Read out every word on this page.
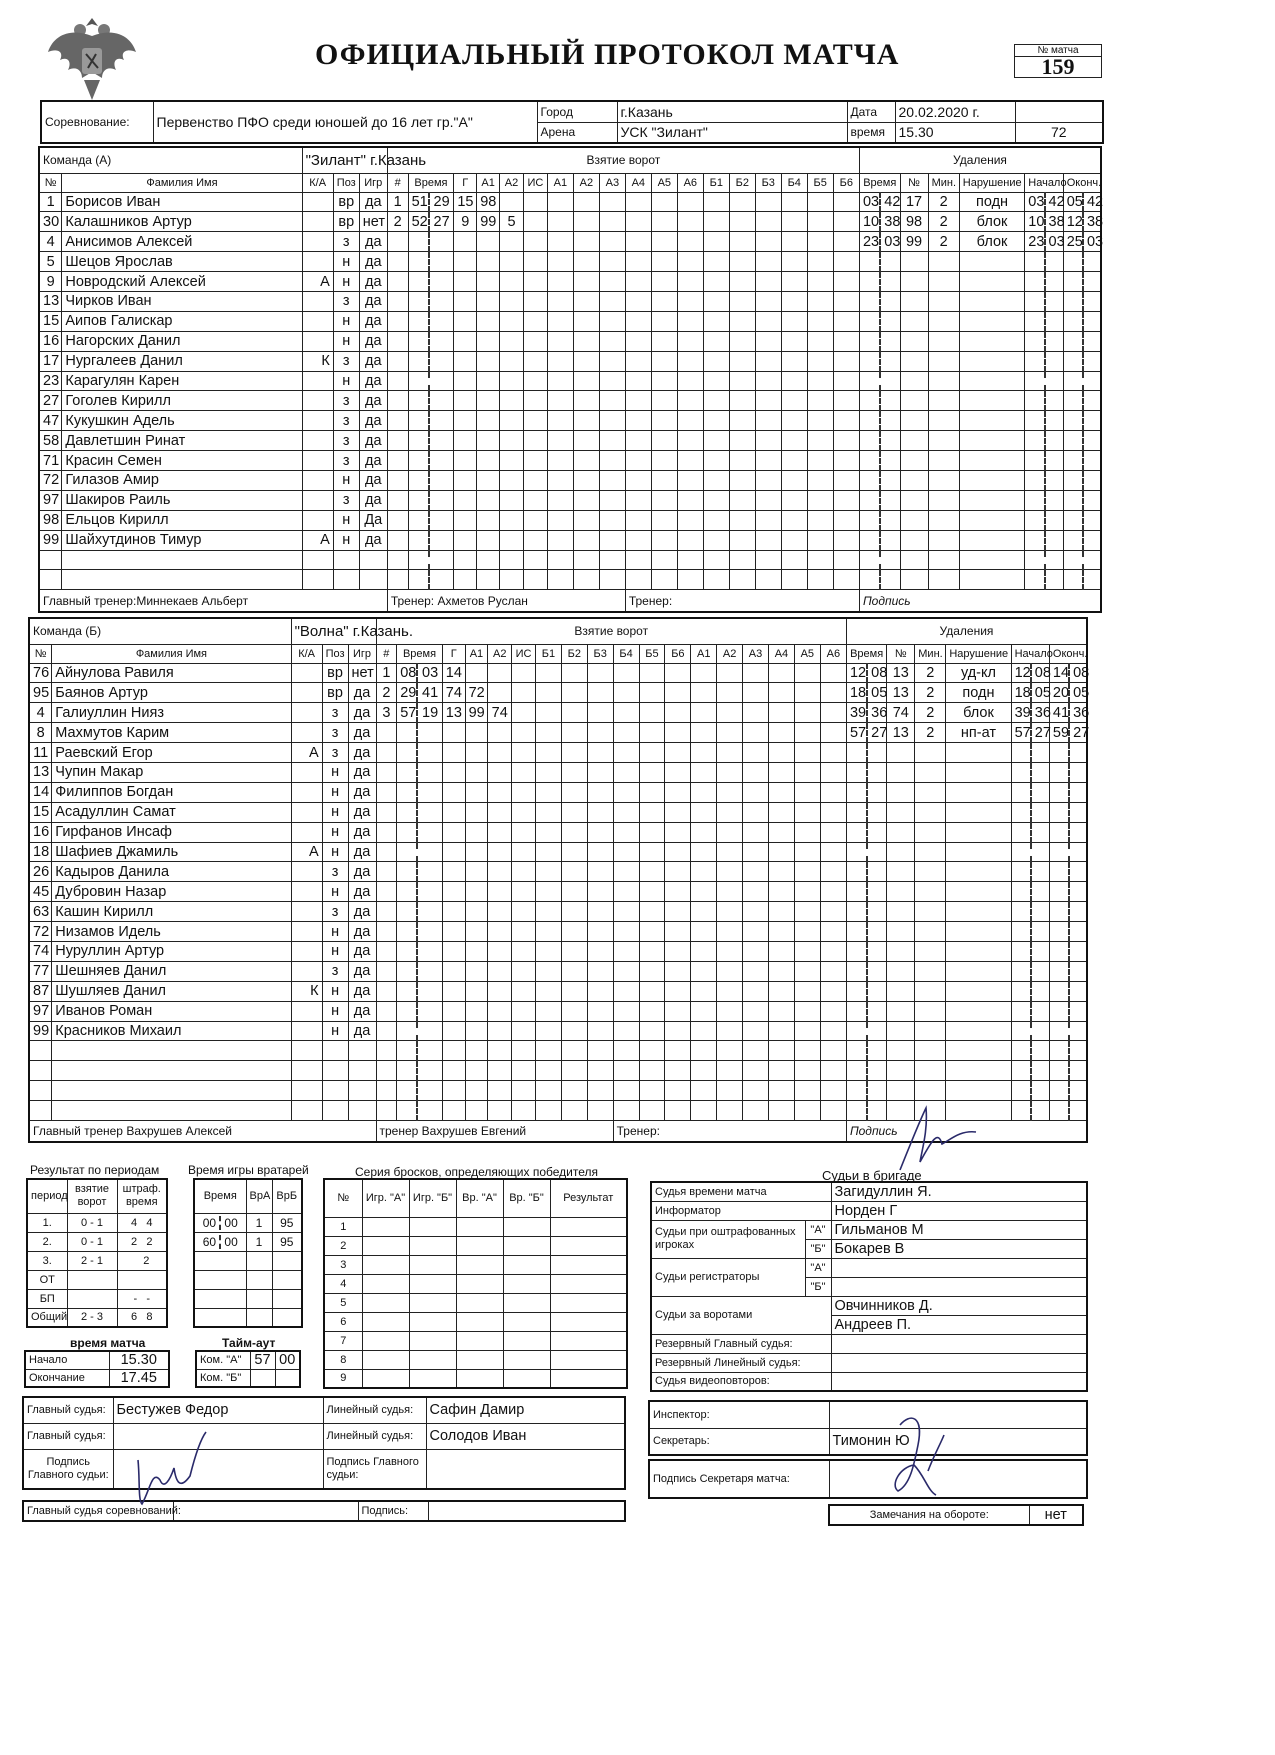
ОФИЦИАЛЬНЫЙ ПРОТОКОЛ МАТЧА	№ матча
159
Соревнование:	Первенство ПФО среди юношей до 16 лет гр."А"	Город	г.Казань	Дата	20.02.2020 г.	
		Арена	УСК "Зилант"	время	15.30	72
Команда (А)		"Зилант" г.Казань			Взятие ворот																			Удаления								
№	Фамилия Имя	К/А	Поз	Игр	#	Время		Г	А1	А2	ИС	А1	А2	А3	А4	А5	А6	Б1	Б2	Б3	Б4	Б5	Б6	Время		№	Мин.	Нарушение	Начало		Оконч.	
1	Борисов Иван		вр	да	1	51	29	15	98															03	42	17	2	подн	03	42	05	42
30	Калашников Артур		вр	нет	2	52	27	9	99	5														10	38	98	2	блок	10	38	12	38
4	Анисимов Алексей		з	да																				23	03	99	2	блок	23	03	25	03
5	Шецов Ярослав		н	да																												
9	Новродский Алексей	А	н	да																												
13	Чирков Иван		з	да																												
15	Аипов Галискар		н	да																												
16	Нагорских Данил		н	да																												
17	Нургалеев Данил	К	з	да																												
23	Карагулян Карен		н	да																												
27	Гоголев Кирилл		з	да																												
47	Кукушкин Адель		з	да																												
58	Давлетшин Ринат		з	да																												
71	Красин Семен		з	да																												
72	Гилазов Амир		н	да																												
97	Шакиров Раиль		з	да																												
98	Ельцов Кирилл		н	Да																												
99	Шайхутдинов Тимур	А	н	да																												

Главный тренер:Миннекаев Альберт					Тренер: Ахметов Руслан										Тренер:									Подпись								
Команда (Б)		"Волна" г.Казань.			Взятие ворот																			Удаления								
№	Фамилия Имя	К/А	Поз	Игр	#	Время		Г	А1	А2	ИС	Б1	Б2	Б3	Б4	Б5	Б6	А1	А2	А3	А4	А5	А6	Время		№	Мин.	Нарушение	Начало		Оконч.	
76	Айнулова Равиля		вр	нет	1	08	03	14																12	08	13	2	уд-кл	12	08	14	08
95	Баянов Артур		вр	да	2	29	41	74	72															18	05	13	2	подн	18	05	20	05
4	Галиуллин Нияз		з	да	3	57	19	13	99	74														39	36	74	2	блок	39	36	41	36
8	Махмутов Карим		з	да																				57	27	13	2	нп-ат	57	27	59	27
11	Раевский Егор	А	з	да																												
13	Чупин Макар		н	да																												
14	Филиппов Богдан		н	да																												
15	Асадуллин Самат		н	да																												
16	Гирфанов Инсаф		н	да																												
18	Шафиев Джамиль	А	н	да																												
26	Кадыров Данила		з	да																												
45	Дубровин Назар		н	да																												
63	Кашин Кирилл		з	да																												
72	Низамов Идель		н	да																												
74	Нуруллин Артур		н	да																												
77	Шешняев Данил		з	да																												
87	Шушляев Данил	К	н	да																												
97	Иванов Роман		н	да																												
99	Красников Михаил		н	да																												

Главный тренер Вахрушев Алексей					тренер Вахрушев Евгений										Тренер:									Подпись								
Результат по периодам
период	взятие ворот	штраф. время
1.	0 - 1	4 4
2.	0 - 1	2 2
3.	2 - 1	2
ОТ		
БП		- -
Общий	2 - 3	6 8
Время игры вратарей
Время	ВрА	ВрБ
00 00	1	95
60 00	1	95

Серия бросков, определяющих победителя
№	Игр. "А"	Игр. "Б"	Вр. "А"	Вр. "Б"	Результат
1					
2					
3					
4					
5					
6					
7					
8					
9					
время матча
Начало	15.30
Окончание	17.45
Тайм-аут
Ком. "А"	57	00
Ком. "Б"		
Судьи в бригаде
Судья времени матча		Загидуллин Я.
Информатор		Норден Г
Судьи при оштрафованных игроках	"А"	Гильманов М
	"Б"	Бокарев В
Судьи регистраторы	"А"	
	"Б"	
Судьи за воротами		Овчинников Д.
		Андреев П.
Резервный Главный судья:		
Резервный Линейный судья:		
Судья видеоповторов:		
Главный судья:	Бестужев Федор	Линейный судья:	Сафин Дамир
Главный судья:		Линейный судья:	Солодов Иван
Подпись Главного судьи:		Подпись Главного судьи:	
Главный судья соревнований:		Подпись:	
Инспектор:	
Секретарь:	Тимонин Ю
Подпись Секретаря матча:	
Замечания на обороте:	нет
